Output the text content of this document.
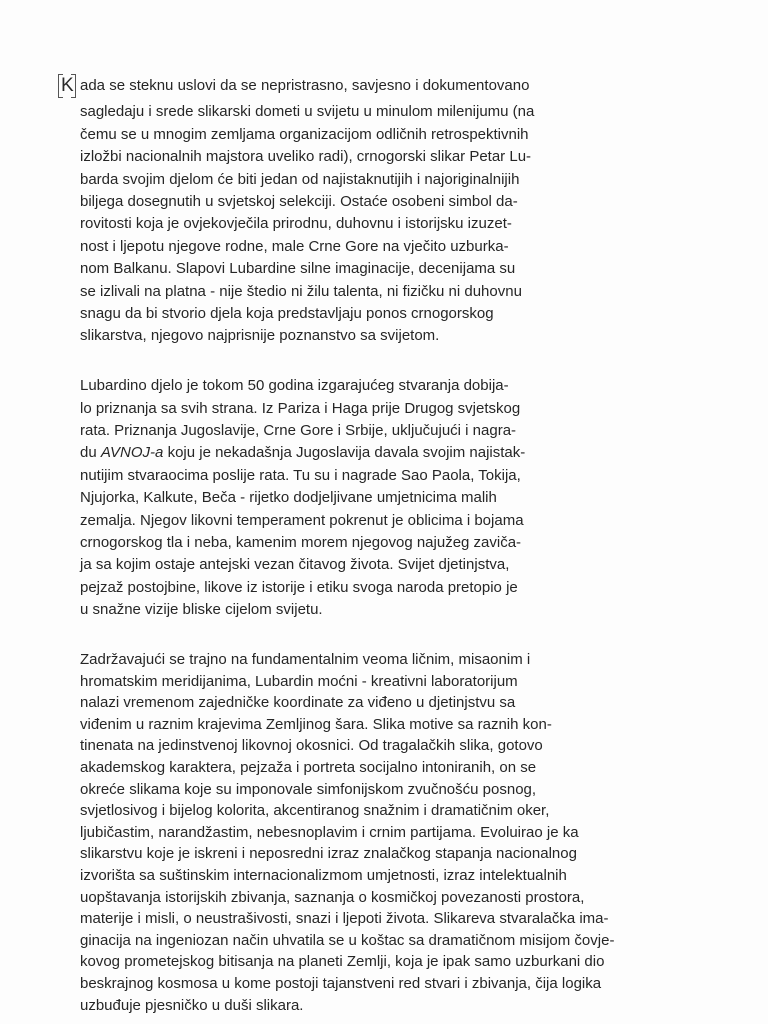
K ada se steknu uslovi da se nepristrasno, savjesno i dokumentovano
sagledaju i srede slikarski dometi u svijetu u minulom milenijumu (na
čemu se u mnogim zemljama organizacijom odličnih retrospektivnih
izložbi nacionalnih majstora uveliko radi), crnogorski slikar Petar Lu-
barda svojim djelom će biti jedan od najistaknutijih i najoriginalnijih
biljega dosegnutih u svjetskoj selekciji. Ostaće osobeni simbol da-
rovitosti koja je ovjekovječila prirodnu, duhovnu i istorijsku izuzet-
nost i ljepotu njegove rodne, male Crne Gore na vječito uzburka-
nom Balkanu. Slapovi Lubardine silne imaginacije, decenijama su
se izlivali na platna - nije štedio ni žilu talenta, ni fizičku ni duhovnu
snagu da bi stvorio djela koja predstavljaju ponos crnogorskog
slikarstva, njegovo najprisnije poznanstvo sa svijetom.
Lubardino djelo je tokom 50 godina izgarajućeg stvaranja dobija-
lo priznanja sa svih strana. Iz Pariza i Haga prije Drugog svjetskog
rata. Priznanja Jugoslavije, Crne Gore i Srbije, uključujući i nagra-
du AVNOJ-a koju je nekadašnja Jugoslavija davala svojim najistak-
nutijim stvaraocima poslije rata. Tu su i nagrade Sao Paola, Tokija,
Njujorka, Kalkute, Beča - rijetko dodjeljivane umjetnicima malih
zemalja. Njegov likovni temperament pokrenut je oblicima i bojama
crnogorskog tla i neba, kamenim morem njegovog najužeg zaviča-
ja sa kojim ostaje antejski vezan čitavog života. Svijet djetinjstva,
pejzaž postojbine, likove iz istorije i etiku svoga naroda pretopio je
u snažne vizije bliske cijelom svijetu.
Zadržavajući se trajno na fundamentalnim veoma ličnim, misaonim i
hromatskim meridijanima, Lubardin moćni - kreativni laboratorijum
nalazi vremenom zajedničke koordinate za viđeno u djetinjstvu sa
viđenim u raznim krajevima Zemljinog šara. Slika motive sa raznih kon-
tinenata na jedinstvenoj likovnoj okosnici. Od tragalačkih slika, gotovo
akademskog karaktera, pejzaža i portreta socijalno intoniranih, on se
okreće slikama koje su imponovale simfonijskom zvučnošću posnog,
svjetlosivog i bijelog kolorita, akcentiranog snažnim i dramatičnim oker,
ljubičastim, narandžastim, nebesnoplavim i crnim partijama. Evoluirao je ka
slikarstvu koje je iskreni i neposredni izraz znalačkog stapanja nacionalnog
izvorišta sa suštinskim internacionalizmom umjetnosti, izraz intelektualnih
uopštavanja istorijskih zbivanja, saznanja o kosmičkoj povezanosti prostora,
materije i misli, o neustrašivosti, snazi i ljepoti života. Slikareva stvaralačka ima-
ginacija na ingeniozan način uhvatila se u koštac sa dramatičnom misijom čovje-
kovog prometejskog bitisanja na planeti Zemlji, koja je ipak samo uzburkani dio
beskrajnog kosmosa u kome postoji tajanstveni red stvari i zbivanja, čija logika
uzbuđuje pjesničko u duši slikara.
